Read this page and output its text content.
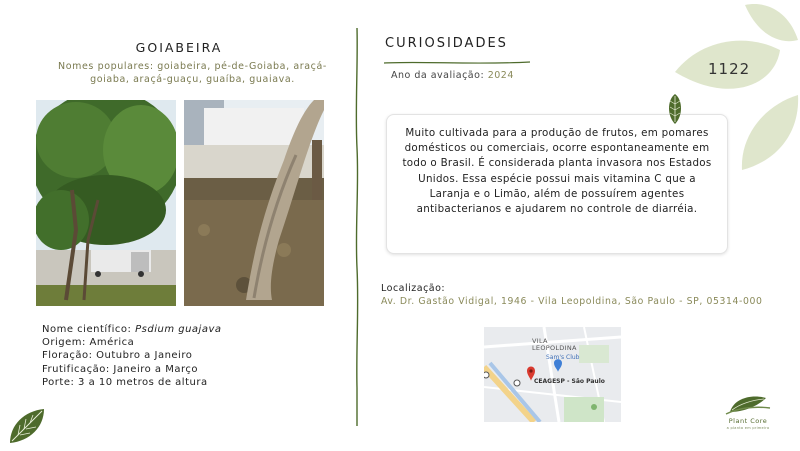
GOIABEIRA
Nomes populares: goiabeira, pé-de-Goiaba, araçá-goiaba, araçá-guaçu, guaíba, guaiava.
Nome científico: Psdium guajava
Origem: América
Floração: Outubro a Janeiro
Frutificação: Janeiro a Março
Porte: 3 a 10 metros de altura
CURIOSIDADES
Ano da avaliação: 2024
Muito cultivada para a produção de frutos, em pomares domésticos ou comerciais, ocorre espontaneamente em todo o Brasil. É considerada planta invasora nos Estados Unidos. Essa espécie possui mais vitamina C que a Laranja e o Limão, além de possuírem agentes antibacterianos e ajudarem no controle de diarréia.
Localização:
Av. Dr. Gastão Vidigal, 1946 - Vila Leopoldina, São Paulo - SP, 05314-000
VILA LEOPOLDINA
Sam's Club
CEAGESP - São Paulo
1122
Plant Core
a planta em primeiro
